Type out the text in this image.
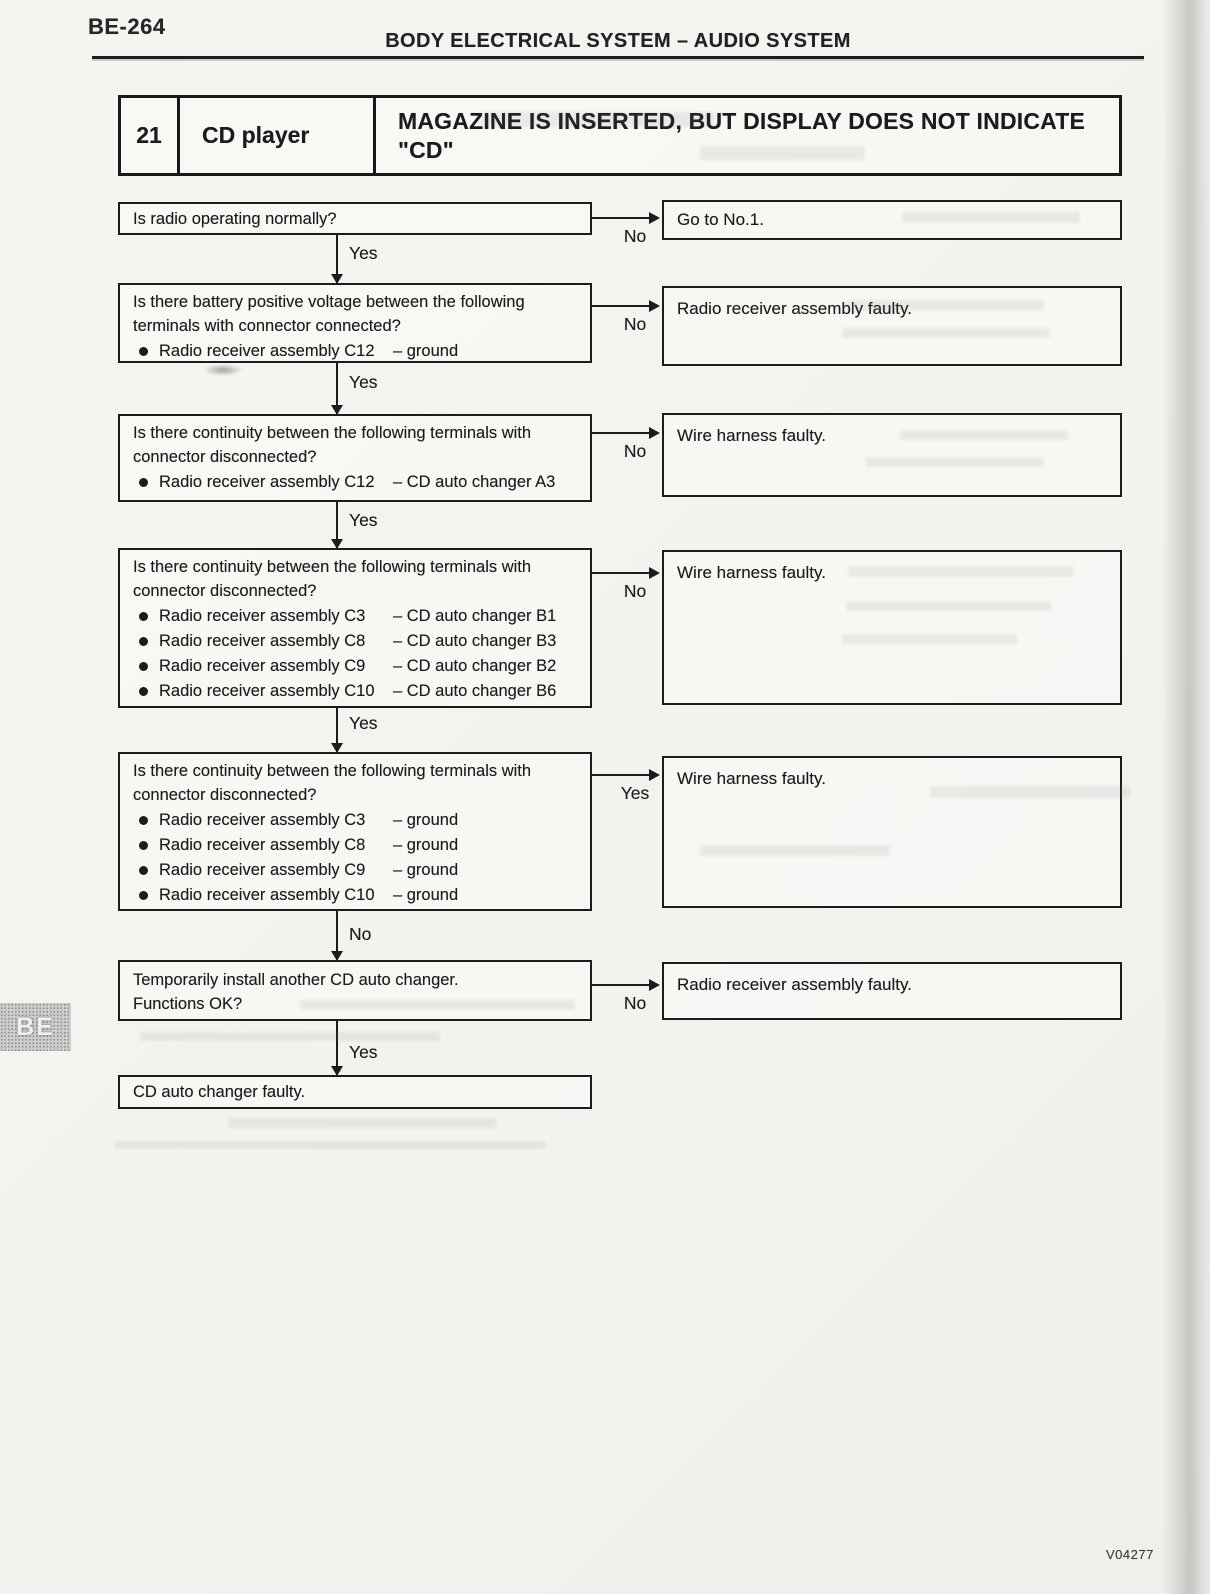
BE-264
BODY ELECTRICAL SYSTEM – AUDIO SYSTEM
21	CD player
MAGAZINE IS INSERTED, BUT DISPLAY DOES NOT INDICATE "CD"
Is radio operating normally?
No
Go to No.1.
Yes
Is there battery positive voltage between the following terminals with connector connected?
Radio receiver assembly C12	– ground
No
Radio receiver assembly faulty.
Yes
Is there continuity between the following terminals with connector disconnected?
Radio receiver assembly C12	– CD auto changer A3
No
Wire harness faulty.
Yes
Is there continuity between the following terminals with connector disconnected?
Radio receiver assembly C3	– CD auto changer B1
Radio receiver assembly C8	– CD auto changer B3
Radio receiver assembly C9	– CD auto changer B2
Radio receiver assembly C10	– CD auto changer B6
No
Wire harness faulty.
Yes
Is there continuity between the following terminals with connector disconnected?
Radio receiver assembly C3	– ground
Radio receiver assembly C8	– ground
Radio receiver assembly C9	– ground
Radio receiver assembly C10	– ground
Yes
Wire harness faulty.
No
Temporarily install another CD auto changer.
Functions OK?	No
Radio receiver assembly faulty.
Yes
CD auto changer faulty.
BE
V04277
